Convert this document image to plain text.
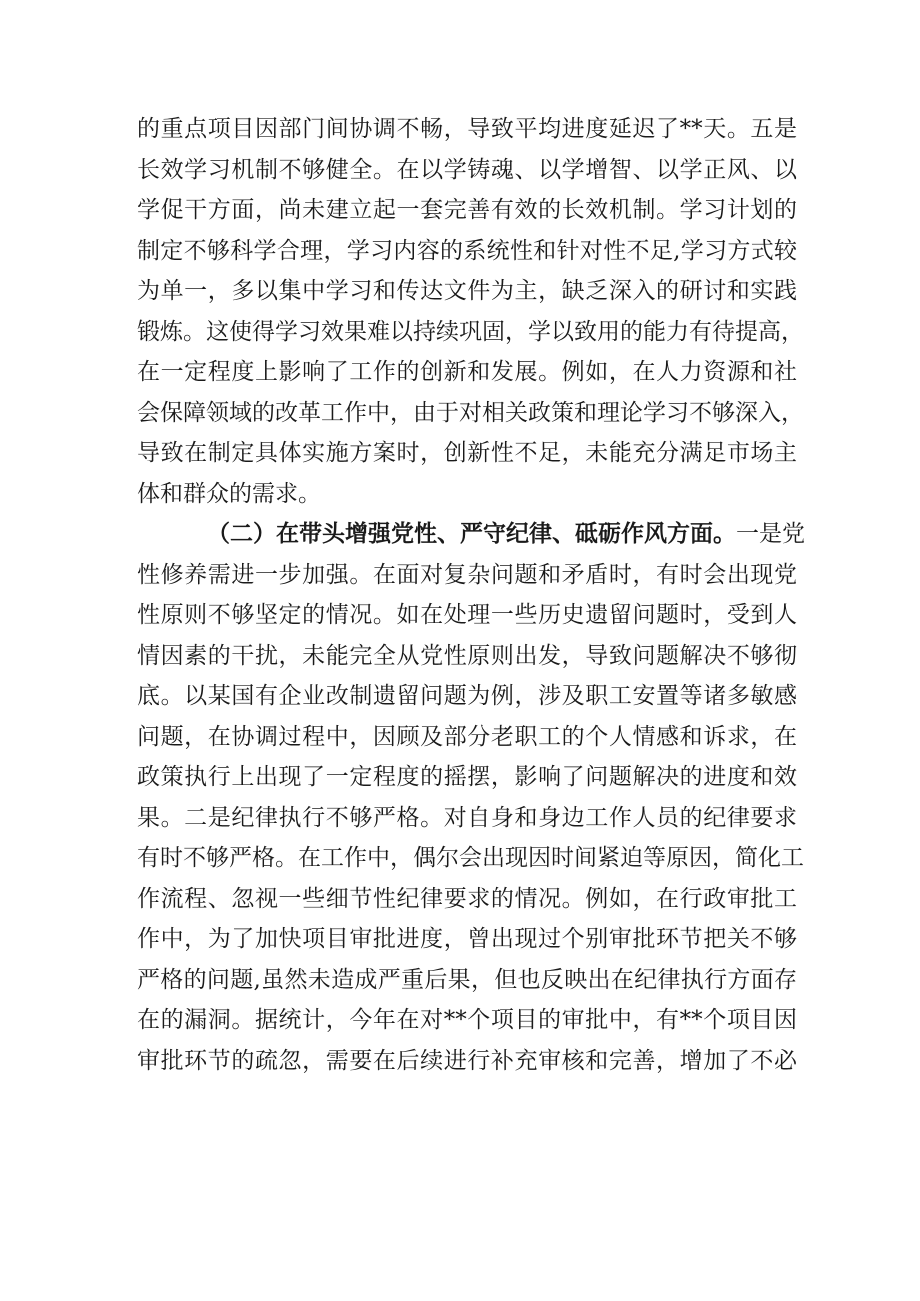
的重点项目因部门间协调不畅，导致平均进度延迟了**天。五是
长效学习机制不够健全。在以学铸魂、以学增智、以学正风、以
学促干方面，尚未建立起一套完善有效的长效机制。学习计划的
制定不够科学合理，学习内容的系统性和针对性不足,学习方式较
为单一，多以集中学习和传达文件为主，缺乏深入的研讨和实践
锻炼。这使得学习效果难以持续巩固，学以致用的能力有待提高，
在一定程度上影响了工作的创新和发展。例如，在人力资源和社
会保障领域的改革工作中，由于对相关政策和理论学习不够深入，
导致在制定具体实施方案时，创新性不足，未能充分满足市场主
体和群众的需求。
（二）在带头增强党性、严守纪律、砥砺作风方面。一是党
性修养需进一步加强。在面对复杂问题和矛盾时，有时会出现党
性原则不够坚定的情况。如在处理一些历史遗留问题时，受到人
情因素的干扰，未能完全从党性原则出发，导致问题解决不够彻
底。以某国有企业改制遗留问题为例，涉及职工安置等诸多敏感
问题，在协调过程中，因顾及部分老职工的个人情感和诉求，在
政策执行上出现了一定程度的摇摆，影响了问题解决的进度和效
果。二是纪律执行不够严格。对自身和身边工作人员的纪律要求
有时不够严格。在工作中，偶尔会出现因时间紧迫等原因，简化工
作流程、忽视一些细节性纪律要求的情况。例如，在行政审批工
作中，为了加快项目审批进度，曾出现过个别审批环节把关不够
严格的问题,虽然未造成严重后果，但也反映出在纪律执行方面存
在的漏洞。据统计，今年在对**个项目的审批中，有**个项目因
审批环节的疏忽，需要在后续进行补充审核和完善，增加了不必
